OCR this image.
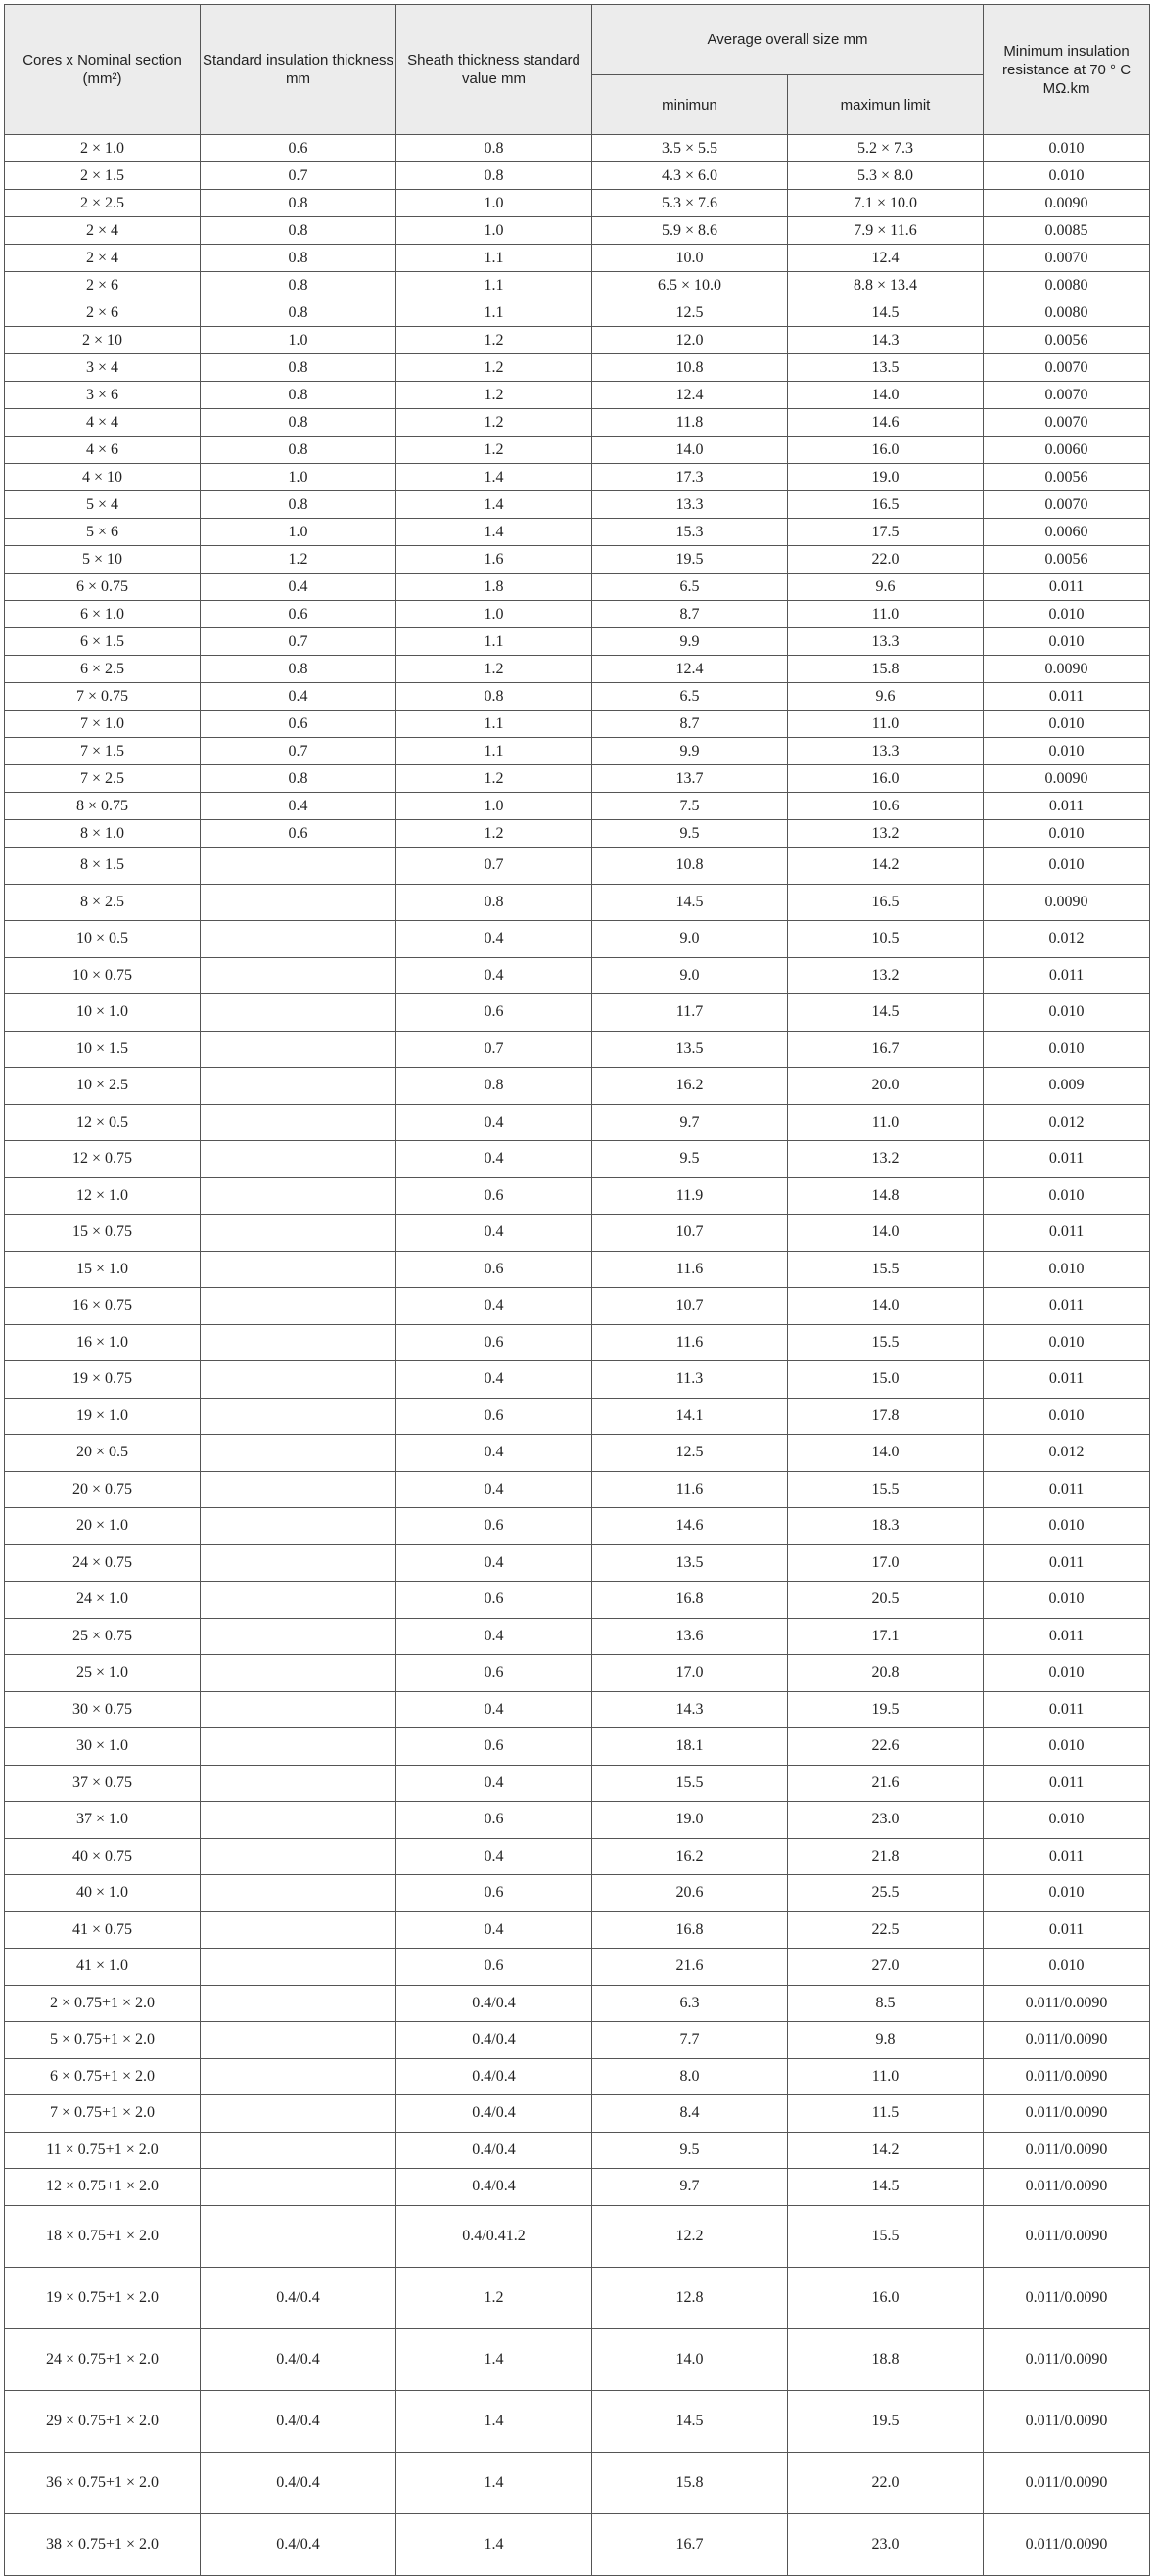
Cores x Nominal section (mm²)	Standard insulation thickness mm	Sheath thickness standard value mm	Average overall size mm		Minimum insulation resistance at 70 ° C MΩ.km
			minimun	maximun limit	
2 × 1.0	0.6	0.8	3.5 × 5.5	5.2 × 7.3	0.010
2 × 1.5	0.7	0.8	4.3 × 6.0	5.3 × 8.0	0.010
2 × 2.5	0.8	1.0	5.3 × 7.6	7.1 × 10.0	0.0090
2 × 4	0.8	1.0	5.9 × 8.6	7.9 × 11.6	0.0085
2 × 4	0.8	1.1	10.0	12.4	0.0070
2 × 6	0.8	1.1	6.5 × 10.0	8.8 × 13.4	0.0080
2 × 6	0.8	1.1	12.5	14.5	0.0080
2 × 10	1.0	1.2	12.0	14.3	0.0056
3 × 4	0.8	1.2	10.8	13.5	0.0070
3 × 6	0.8	1.2	12.4	14.0	0.0070
4 × 4	0.8	1.2	11.8	14.6	0.0070
4 × 6	0.8	1.2	14.0	16.0	0.0060
4 × 10	1.0	1.4	17.3	19.0	0.0056
5 × 4	0.8	1.4	13.3	16.5	0.0070
5 × 6	1.0	1.4	15.3	17.5	0.0060
5 × 10	1.2	1.6	19.5	22.0	0.0056
6 × 0.75	0.4	1.8	6.5	9.6	0.011
6 × 1.0	0.6	1.0	8.7	11.0	0.010
6 × 1.5	0.7	1.1	9.9	13.3	0.010
6 × 2.5	0.8	1.2	12.4	15.8	0.0090
7 × 0.75	0.4	0.8	6.5	9.6	0.011
7 × 1.0	0.6	1.1	8.7	11.0	0.010
7 × 1.5	0.7	1.1	9.9	13.3	0.010
7 × 2.5	0.8	1.2	13.7	16.0	0.0090
8 × 0.75	0.4	1.0	7.5	10.6	0.011
8 × 1.0	0.6	1.2	9.5	13.2	0.010
8 × 1.5		0.7	10.8	14.2	0.010
8 × 2.5		0.8	14.5	16.5	0.0090
10 × 0.5		0.4	9.0	10.5	0.012
10 × 0.75		0.4	9.0	13.2	0.011
10 × 1.0		0.6	11.7	14.5	0.010
10 × 1.5		0.7	13.5	16.7	0.010
10 × 2.5		0.8	16.2	20.0	0.009
12 × 0.5		0.4	9.7	11.0	0.012
12 × 0.75		0.4	9.5	13.2	0.011
12 × 1.0		0.6	11.9	14.8	0.010
15 × 0.75		0.4	10.7	14.0	0.011
15 × 1.0		0.6	11.6	15.5	0.010
16 × 0.75		0.4	10.7	14.0	0.011
16 × 1.0		0.6	11.6	15.5	0.010
19 × 0.75		0.4	11.3	15.0	0.011
19 × 1.0		0.6	14.1	17.8	0.010
20 × 0.5		0.4	12.5	14.0	0.012
20 × 0.75		0.4	11.6	15.5	0.011
20 × 1.0		0.6	14.6	18.3	0.010
24 × 0.75		0.4	13.5	17.0	0.011
24 × 1.0		0.6	16.8	20.5	0.010
25 × 0.75		0.4	13.6	17.1	0.011
25 × 1.0		0.6	17.0	20.8	0.010
30 × 0.75		0.4	14.3	19.5	0.011
30 × 1.0		0.6	18.1	22.6	0.010
37 × 0.75		0.4	15.5	21.6	0.011
37 × 1.0		0.6	19.0	23.0	0.010
40 × 0.75		0.4	16.2	21.8	0.011
40 × 1.0		0.6	20.6	25.5	0.010
41 × 0.75		0.4	16.8	22.5	0.011
41 × 1.0		0.6	21.6	27.0	0.010
2 × 0.75+1 × 2.0		0.4/0.4	6.3	8.5	0.011/0.0090
5 × 0.75+1 × 2.0		0.4/0.4	7.7	9.8	0.011/0.0090
6 × 0.75+1 × 2.0		0.4/0.4	8.0	11.0	0.011/0.0090
7 × 0.75+1 × 2.0		0.4/0.4	8.4	11.5	0.011/0.0090
11 × 0.75+1 × 2.0		0.4/0.4	9.5	14.2	0.011/0.0090
12 × 0.75+1 × 2.0		0.4/0.4	9.7	14.5	0.011/0.0090
18 × 0.75+1 × 2.0		0.4/0.41.2	12.2	15.5	0.011/0.0090
19 × 0.75+1 × 2.0	0.4/0.4	1.2	12.8	16.0	0.011/0.0090
24 × 0.75+1 × 2.0	0.4/0.4	1.4	14.0	18.8	0.011/0.0090
29 × 0.75+1 × 2.0	0.4/0.4	1.4	14.5	19.5	0.011/0.0090
36 × 0.75+1 × 2.0	0.4/0.4	1.4	15.8	22.0	0.011/0.0090
38 × 0.75+1 × 2.0	0.4/0.4	1.4	16.7	23.0	0.011/0.0090
